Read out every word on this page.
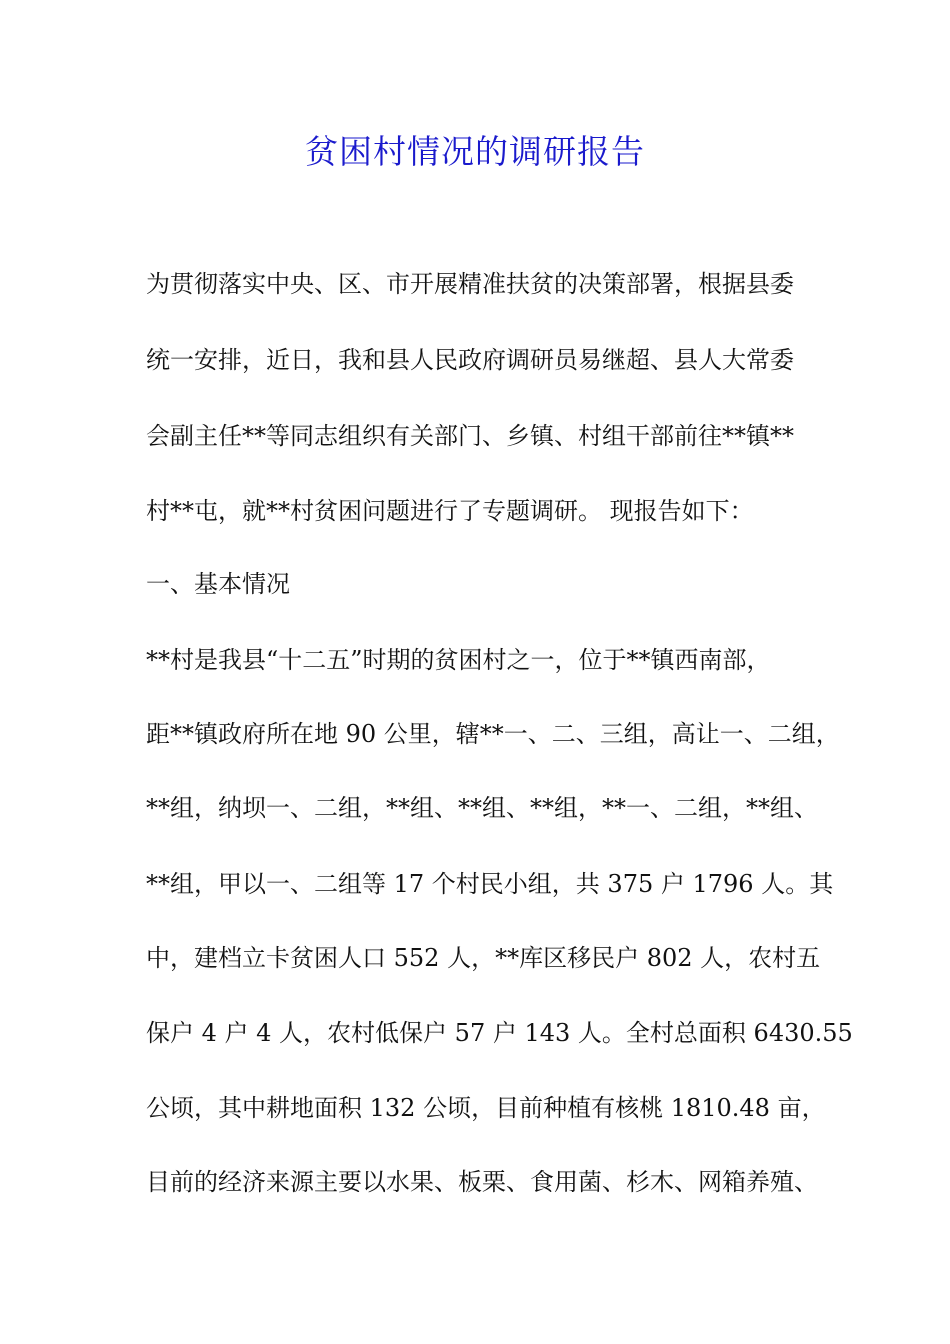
贫困村情况的调研报告

为贯彻落实中央、区、市开展精准扶贫的决策部署，根据县委

统一安排，近日，我和县人民政府调研员易继超、县人大常委

会副主任**等同志组织有关部门、乡镇、村组干部前往**镇**

村**屯，就**村贫困问题进行了专题调研。 现报告如下：

一、基本情况

**村是我县“十二五”时期的贫困村之一，位于**镇西南部，

距**镇政府所在地 90 公里，辖**一、二、三组，高让一、二组，

**组，纳坝一、二组，**组、**组、**组，**一、二组，**组、

**组，甲以一、二组等 17 个村民小组，共 375 户 1796 人。其

中，建档立卡贫困人口 552 人，**库区移民户 802 人，农村五

保户 4 户 4 人，农村低保户 57 户 143 人。全村总面积 6430.55

公顷，其中耕地面积 132 公顷，目前种植有核桃 1810.48 亩，

目前的经济来源主要以水果、板栗、食用菌、杉木、网箱养殖、
